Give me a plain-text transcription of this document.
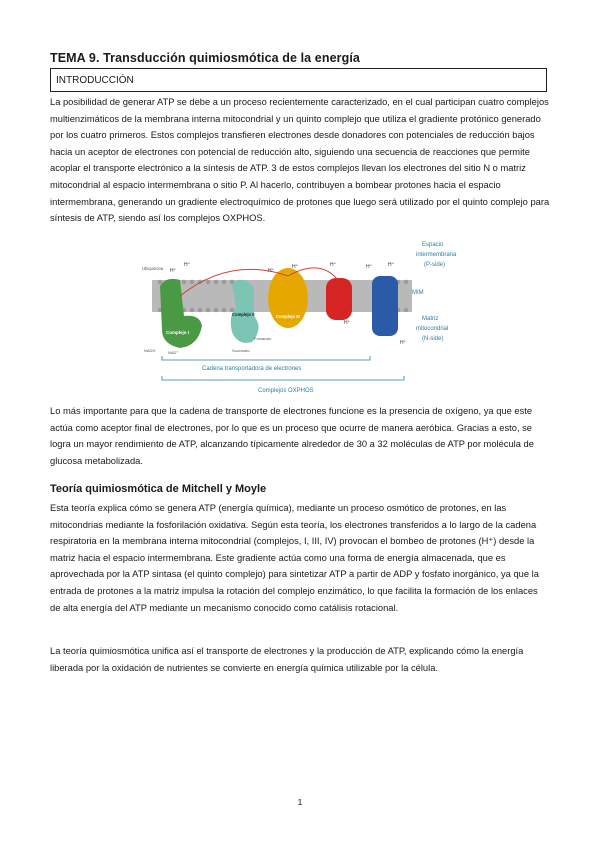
TEMA 9. Transducción quimiosmótica de la energía
INTRODUCCIÓN

La posibilidad de generar ATP se debe a un proceso recientemente caracterizado, en el cual participan cuatro complejos multienzimáticos de la membrana interna mitocondrial y un quinto complejo que utiliza el gradiente protónico generado por los cuatro primeros. Estos complejos transfieren electrones desde donadores con potenciales de reducción bajos hacia un aceptor de electrones con potencial de reducción alto, siguiendo una secuencia de reacciones que permite acoplar el transporte electrónico a la síntesis de ATP. 3 de estos complejos llevan los electrones del sitio N o matriz mitocondrial al espacio intermembrana o sitio P. Al hacerlo, contribuyen a bombear protones hacia el espacio intermembrana, generando un gradiente electroquímico de protones que luego será utilizado por el quinto complejo para síntesis de ATP, siendo así los complejos OXPHOS.

Complejo I
Complejo II	Complejo III
H⁺
H⁺
H⁺
H⁺	H⁺	H⁺	H⁺
H⁺
H⁺
Ubiquinona
NADH	NAD⁺	Succinato
Fumarato
Espacio
intermembrana
(P-side)
MIM
Matriz
mitocondrial
(N-side)
Cadena transportadora de electrones
Complejos OXPHOS

Lo más importante para que la cadena de transporte de electrones funcione es la presencia de oxígeno, ya que este actúa como aceptor final de electrones, por lo que es un proceso que ocurre de manera aeróbica. Gracias a esto, se logra un mayor rendimiento de ATP, alcanzando típicamente alrededor de 30 a 32 moléculas de ATP por molécula de glucosa metabolizada.

Teoría quimiosmótica de Mitchell y Moyle

Esta teoría explica cómo se genera ATP (energía química), mediante un proceso osmótico de protones, en las mitocondrias mediante la fosforilación oxidativa. Según esta teoría, los electrones transferidos a lo largo de la cadena respiratoria en la membrana interna mitocondrial (complejos, I, III, IV) provocan el bombeo de protones (H⁺) desde la matriz hacia el espacio intermembrana. Este gradiente actúa como una forma de energía almacenada, que es aprovechada por la ATP sintasa (el quinto complejo) para sintetizar ATP a partir de ADP y fosfato inorgánico, ya que la entrada de protones a la matriz impulsa la rotación del complejo enzimático, lo que facilita la formación de los enlaces de alta energía del ATP mediante un mecanismo conocido como catálisis rotacional.

La teoría quimiosmótica unifica así el transporte de electrones y la producción de ATP, explicando cómo la energía liberada por la oxidación de nutrientes se convierte en energía química utilizable por la célula.

1
